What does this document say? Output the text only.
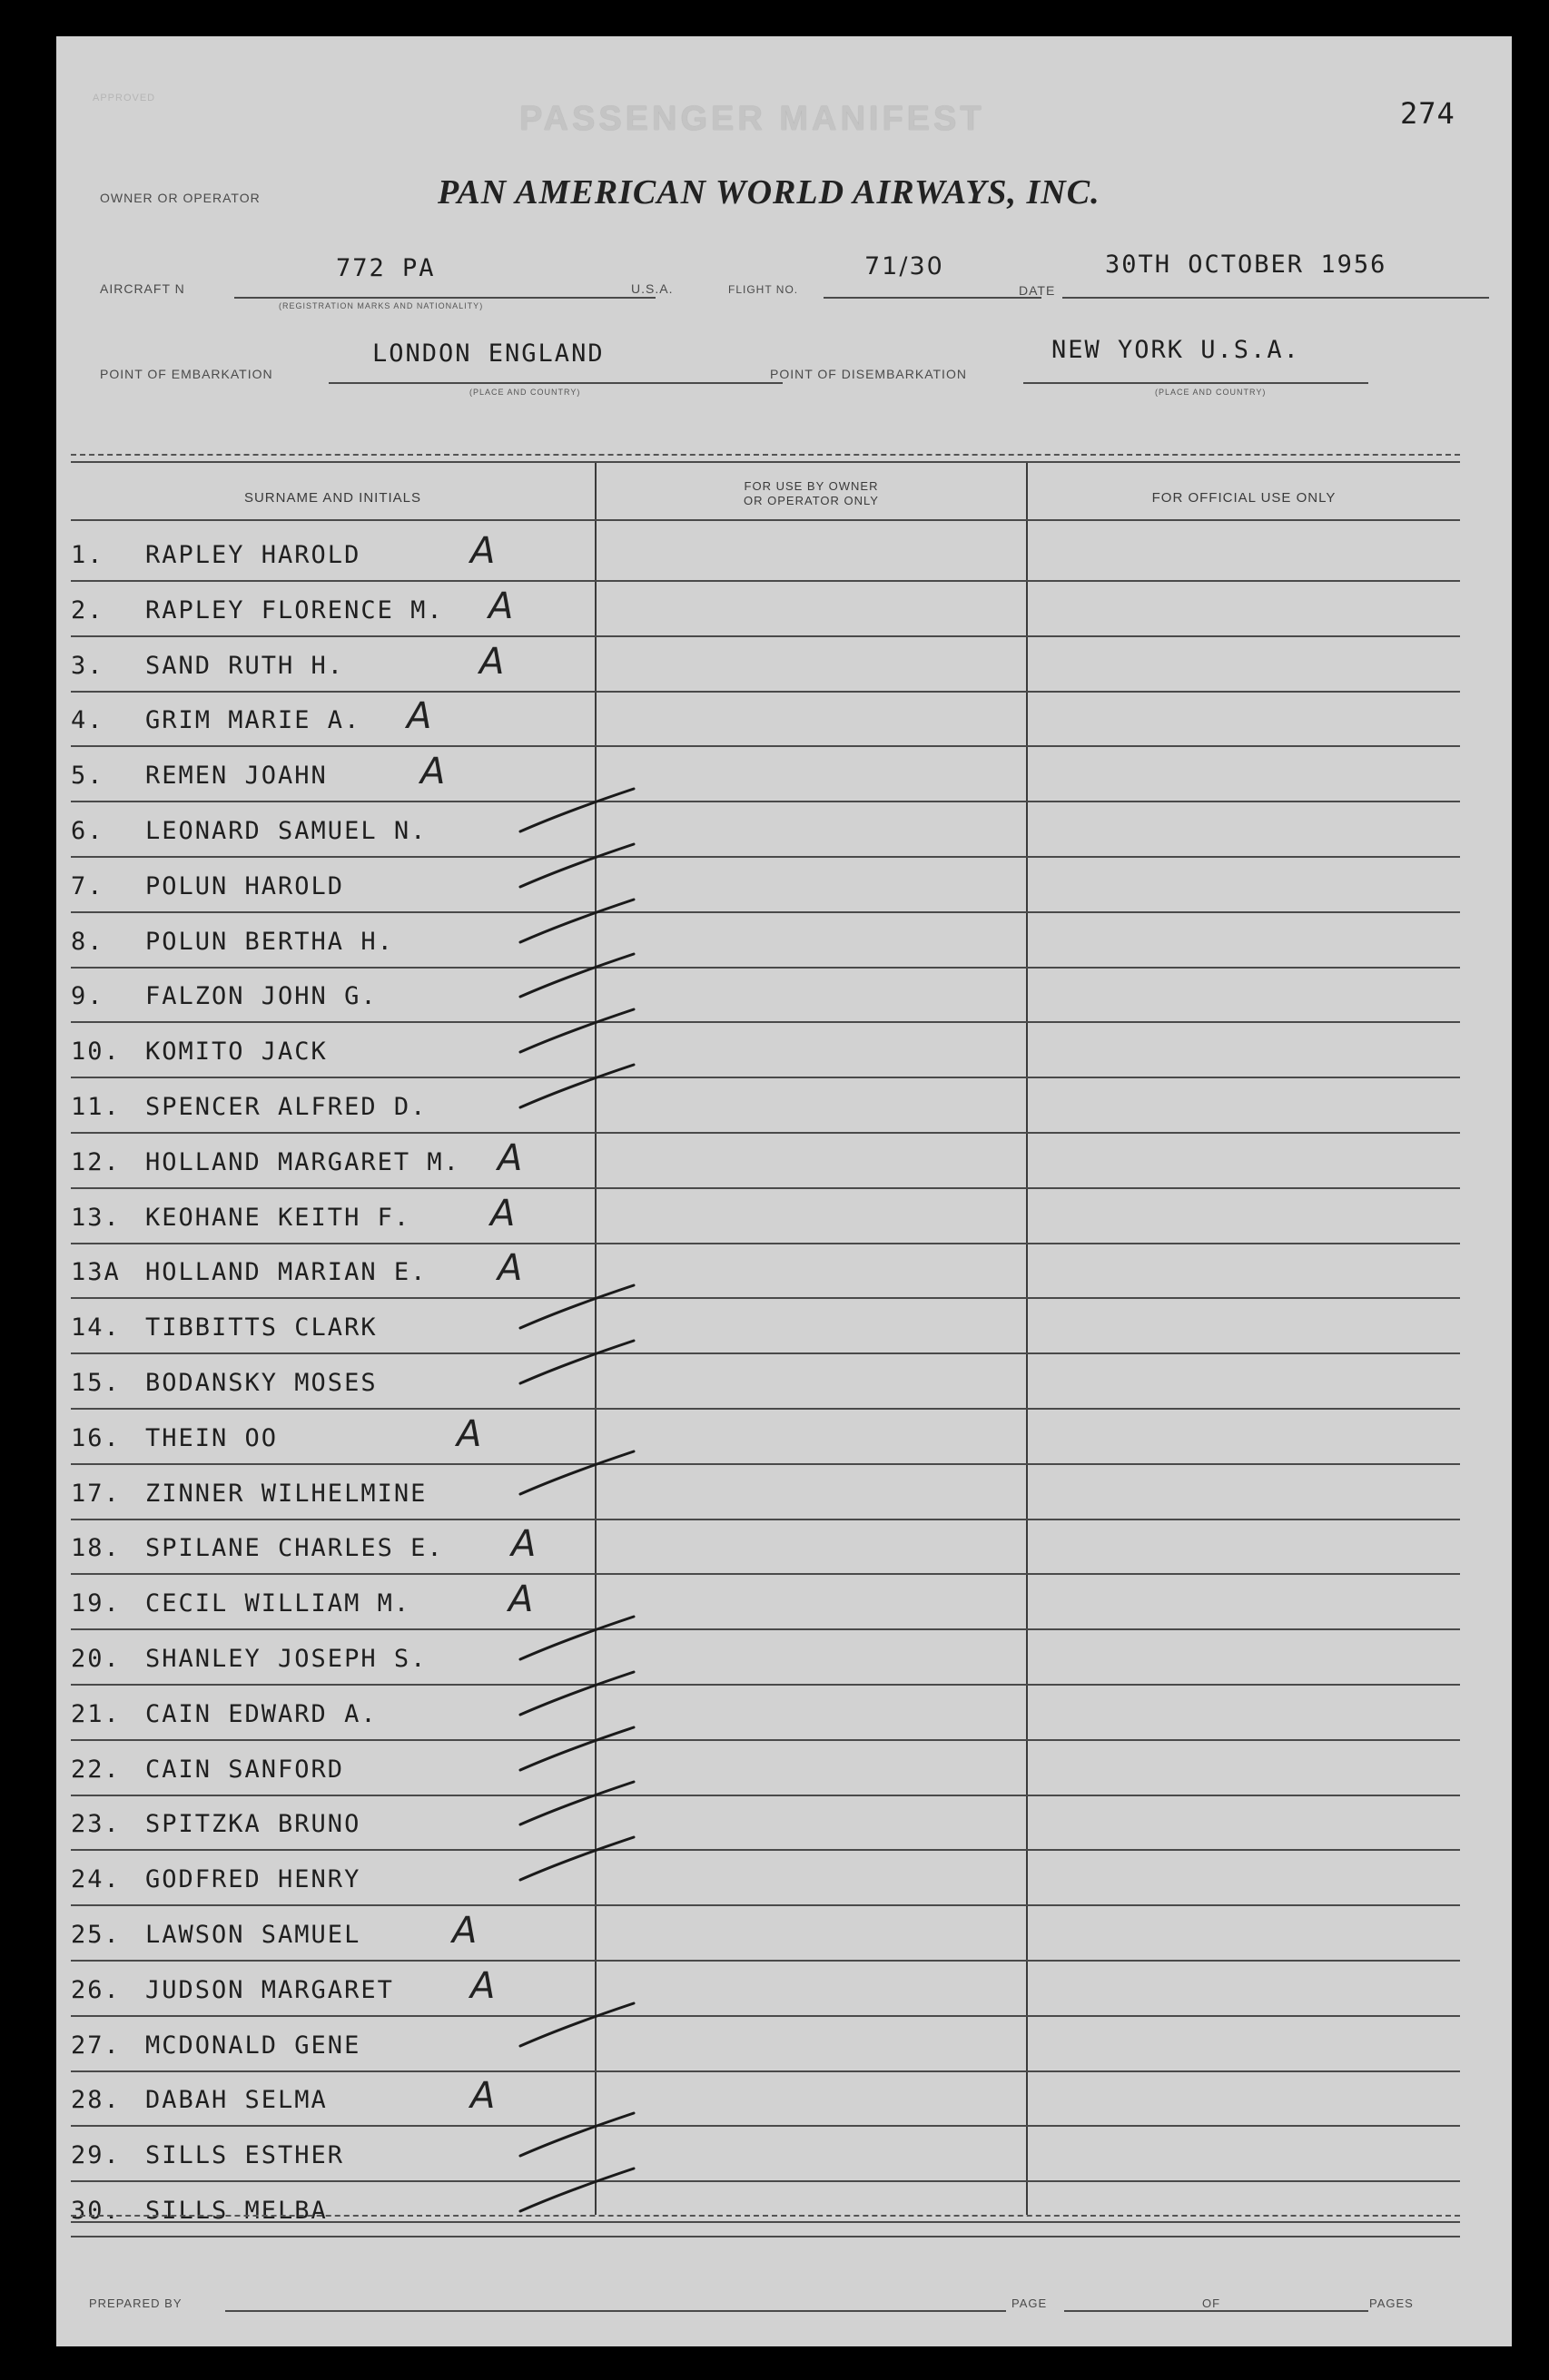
APPROVED
PASSENGER MANIFEST	274
OWNER OR OPERATOR	PAN AMERICAN WORLD AIRWAYS, INC.
AIRCRAFT N
772 PA
(REGISTRATION MARKS AND NATIONALITY)
U.S.A.	FLIGHT NO.
71/30
DATE
30TH OCTOBER 1956
POINT OF EMBARKATION
LONDON ENGLAND
(PLACE AND COUNTRY)
POINT OF DISEMBARKATION
NEW YORK U.S.A.
(PLACE AND COUNTRY)
SURNAME AND INITIALS
FOR USE BY OWNER
OR OPERATOR ONLY	FOR OFFICIAL USE ONLY
1. RAPLEY HAROLD	A
2. RAPLEY FLORENCE M. A
3. SAND RUTH H.	A
4. GRIM MARIE A. A
5. REMEN JOAHN	A
6. LEONARD SAMUEL N.
7. POLUN HAROLD
8. POLUN BERTHA H.
9. FALZON JOHN G.
10. KOMITO JACK
11. SPENCER ALFRED D.
12. HOLLAND MARGARET M. A
13. KEOHANE KEITH F. A
13A HOLLAND MARIAN E. A
14. TIBBITTS CLARK
15. BODANSKY MOSES
16. THEIN OO	A
17. ZINNER WILHELMINE
18. SPILANE CHARLES E. A
19. CECIL WILLIAM M.	A
20. SHANLEY JOSEPH S.
21. CAIN EDWARD A.
22. CAIN SANFORD
23. SPITZKA BRUNO
24. GODFRED HENRY
25. LAWSON SAMUEL	A
26. JUDSON MARGARET A
27. MCDONALD GENE
28. DABAH SELMA	A
29. SILLS ESTHER
30. SILLS MELBA
PREPARED BY	PAGE	OF	PAGES
